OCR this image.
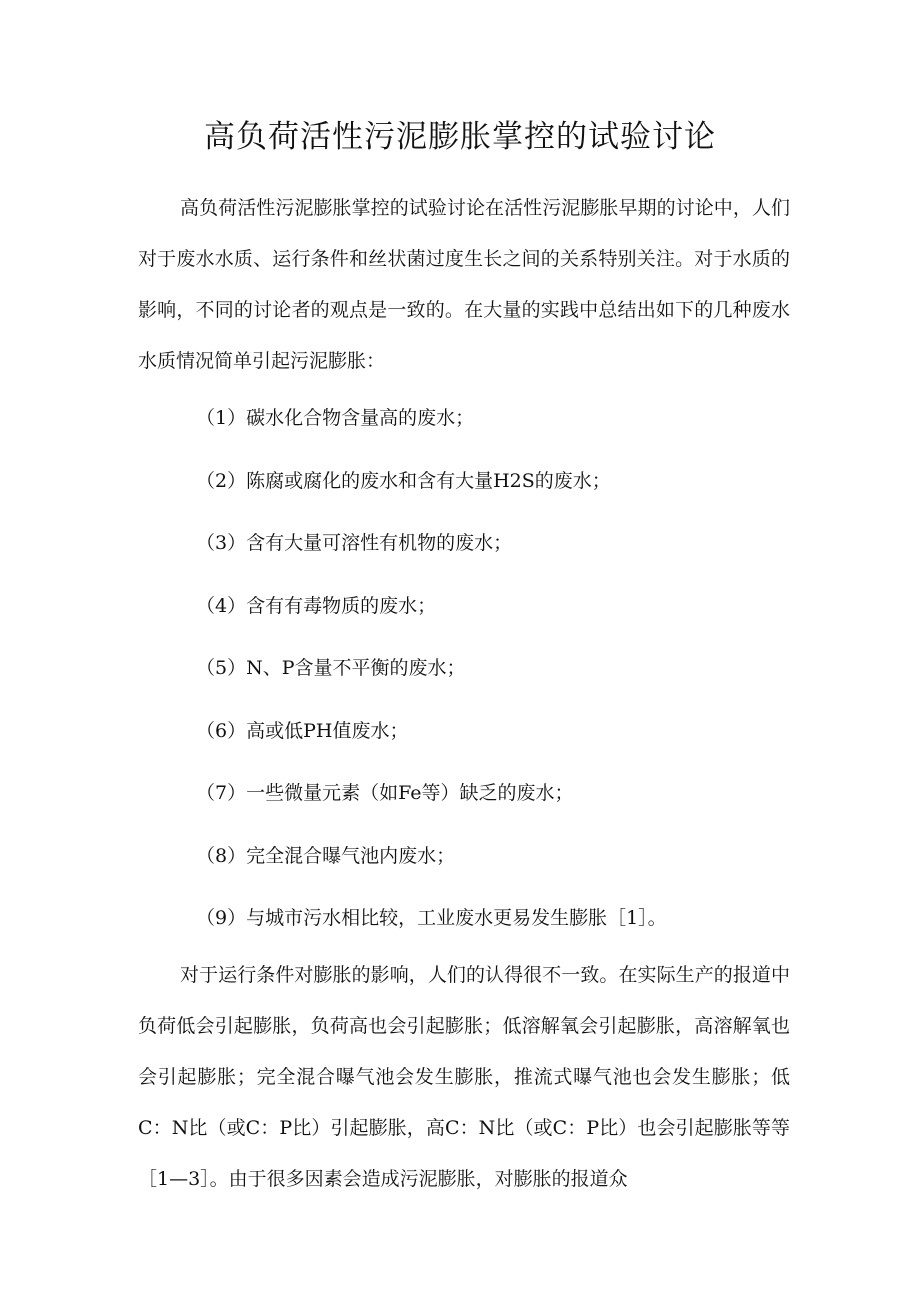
高负荷活性污泥膨胀掌控的试验讨论

高负荷活性污泥膨胀掌控的试验讨论在活性污泥膨胀早期的讨论中，人们对于废水水质、运行条件和丝状菌过度生长之间的关系特别关注。对于水质的影响，不同的讨论者的观点是一致的。在大量的实践中总结出如下的几种废水水质情况简单引起污泥膨胀：

（1）碳水化合物含量高的废水；
（2）陈腐或腐化的废水和含有大量H2S的废水；
（3）含有大量可溶性有机物的废水；
（4）含有有毒物质的废水；
（5）N、P含量不平衡的废水；
（6）高或低PH值废水；
（7）一些微量元素（如Fe等）缺乏的废水；
（8）完全混合曝气池内废水；
（9）与城市污水相比较，工业废水更易发生膨胀［1］。

对于运行条件对膨胀的影响，人们的认得很不一致。在实际生产的报道中负荷低会引起膨胀，负荷高也会引起膨胀；低溶解氧会引起膨胀，高溶解氧也会引起膨胀；完全混合曝气池会发生膨胀，推流式曝气池也会发生膨胀；低C：N比（或C：P比）引起膨胀，高C：N比（或C：P比）也会引起膨胀等等［1—3］。由于很多因素会造成污泥膨胀，对膨胀的报道众
